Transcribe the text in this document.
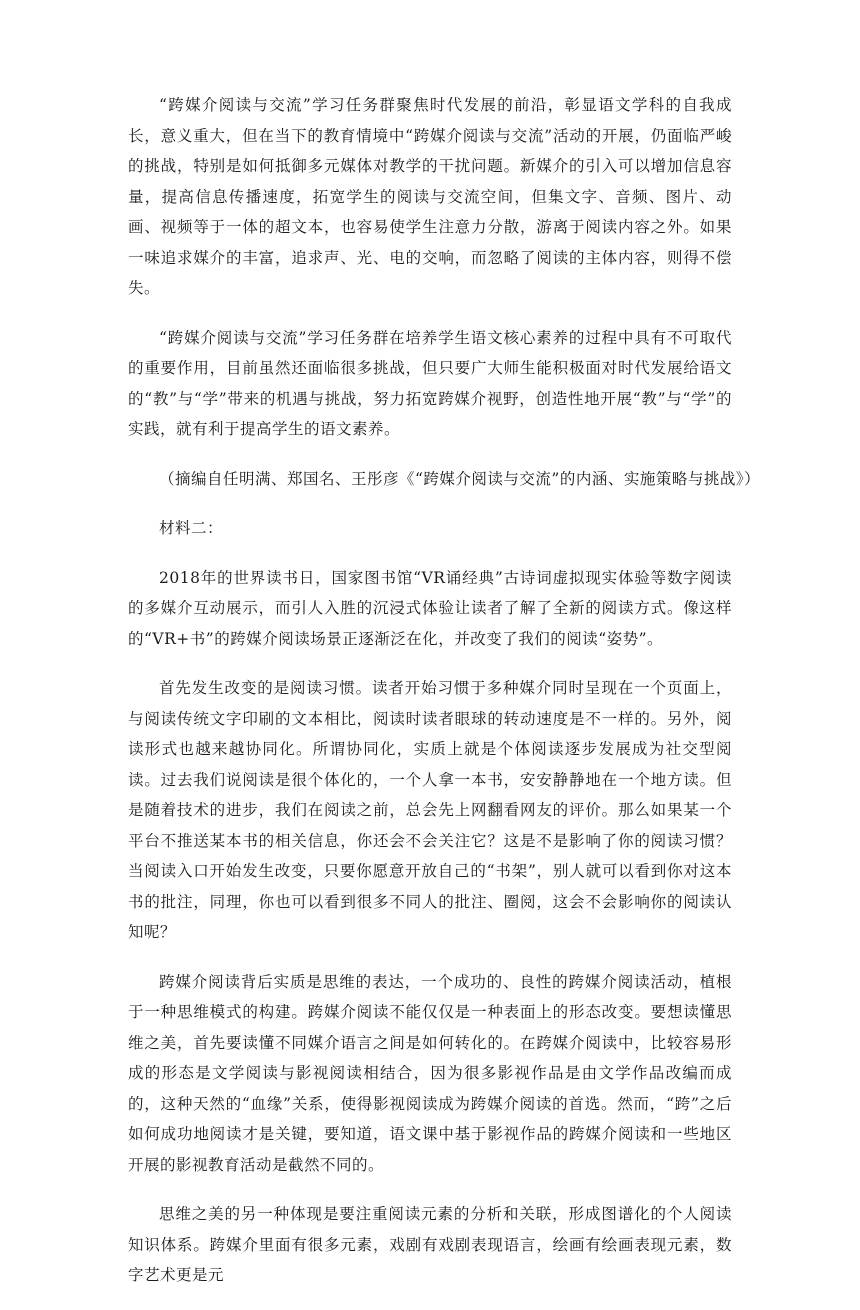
“跨媒介阅读与交流”学习任务群聚焦时代发展的前沿，彰显语文学科的自我成长，意义重大，但在当下的教育情境中“跨媒介阅读与交流”活动的开展，仍面临严峻的挑战，特别是如何抵御多元媒体对教学的干扰问题。新媒介的引入可以增加信息容量，提高信息传播速度，拓宽学生的阅读与交流空间，但集文字、音频、图片、动画、视频等于一体的超文本，也容易使学生注意力分散，游离于阅读内容之外。如果一味追求媒介的丰富，追求声、光、电的交响，而忽略了阅读的主体内容，则得不偿失。

“跨媒介阅读与交流”学习任务群在培养学生语文核心素养的过程中具有不可取代的重要作用，目前虽然还面临很多挑战，但只要广大师生能积极面对时代发展给语文的“教”与“学”带来的机遇与挑战，努力拓宽跨媒介视野，创造性地开展“教”与“学”的实践，就有利于提高学生的语文素养。

（摘编自任明满、郑国名、王彤彦《“跨媒介阅读与交流”的内涵、实施策略与挑战》）

材料二：

2018年的世界读书日，国家图书馆“VR诵经典”古诗词虚拟现实体验等数字阅读的多媒介互动展示，而引人入胜的沉浸式体验让读者了解了全新的阅读方式。像这样的“VR+书”的跨媒介阅读场景正逐渐泛在化，并改变了我们的阅读“姿势”。

首先发生改变的是阅读习惯。读者开始习惯于多种媒介同时呈现在一个页面上，与阅读传统文字印刷的文本相比，阅读时读者眼球的转动速度是不一样的。另外，阅读形式也越来越协同化。所谓协同化，实质上就是个体阅读逐步发展成为社交型阅读。过去我们说阅读是很个体化的，一个人拿一本书，安安静静地在一个地方读。但是随着技术的进步，我们在阅读之前，总会先上网翻看网友的评价。那么如果某一个平台不推送某本书的相关信息，你还会不会关注它？这是不是影响了你的阅读习惯？当阅读入口开始发生改变，只要你愿意开放自己的“书架”，别人就可以看到你对这本书的批注，同理，你也可以看到很多不同人的批注、圈阅，这会不会影响你的阅读认知呢？

跨媒介阅读背后实质是思维的表达，一个成功的、良性的跨媒介阅读活动，植根于一种思维模式的构建。跨媒介阅读不能仅仅是一种表面上的形态改变。要想读懂思维之美，首先要读懂不同媒介语言之间是如何转化的。在跨媒介阅读中，比较容易形成的形态是文学阅读与影视阅读相结合，因为很多影视作品是由文学作品改编而成的，这种天然的“血缘”关系，使得影视阅读成为跨媒介阅读的首选。然而，“跨”之后如何成功地阅读才是关键，要知道，语文课中基于影视作品的跨媒介阅读和一些地区开展的影视教育活动是截然不同的。

思维之美的另一种体现是要注重阅读元素的分析和关联，形成图谱化的个人阅读知识体系。跨媒介里面有很多元素，戏剧有戏剧表现语言，绘画有绘画表现元素，数字艺术更是元
